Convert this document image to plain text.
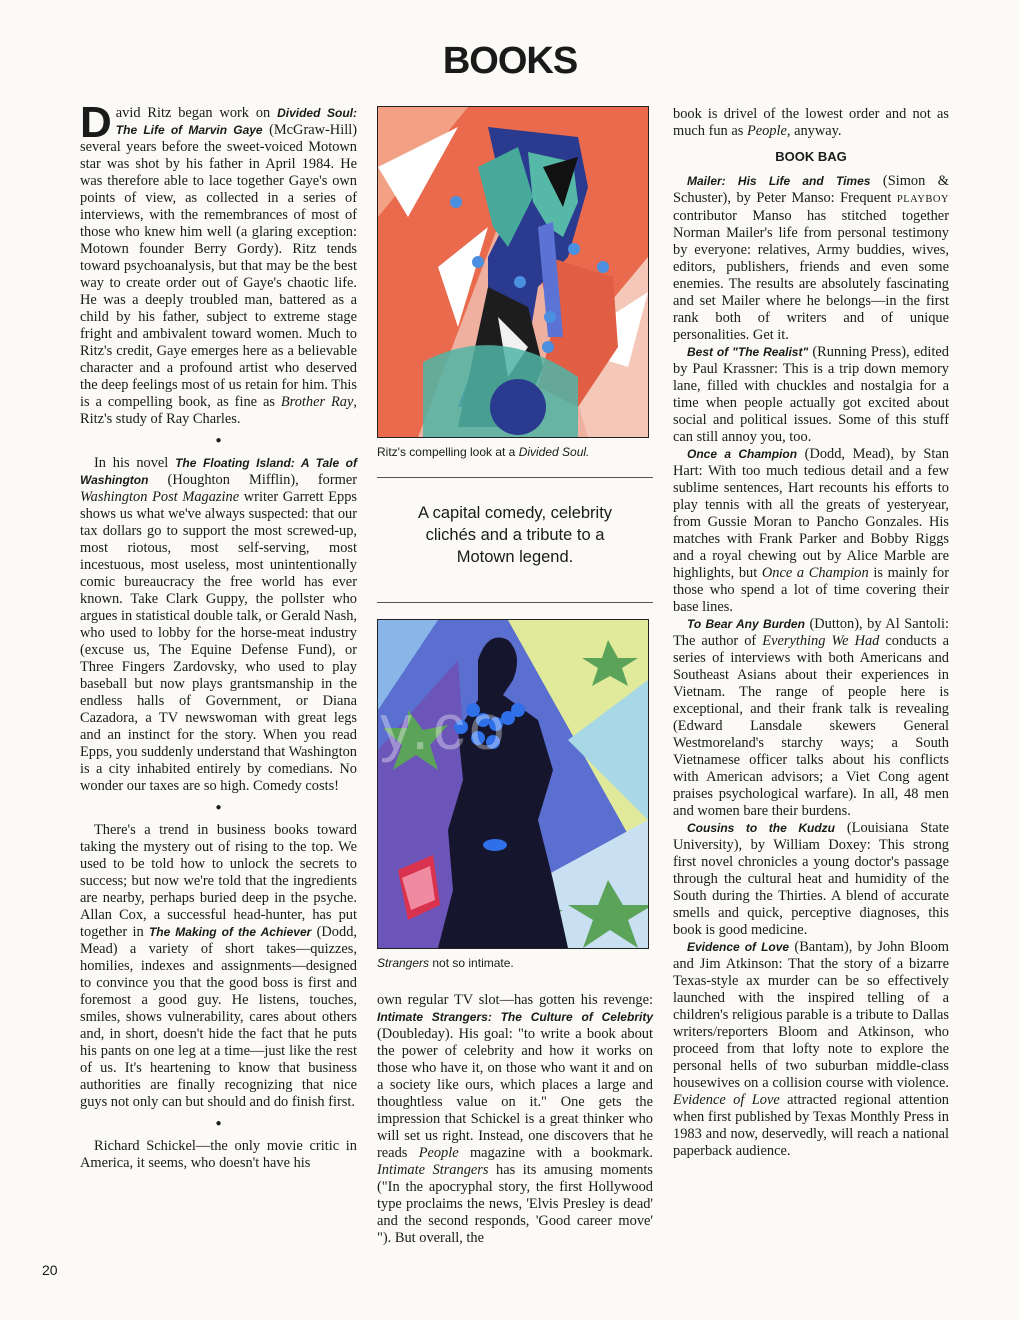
BOOKS

David Ritz began work on Divided Soul: The Life of Marvin Gaye (McGraw-Hill) several years before the sweet-voiced Motown star was shot by his father in April 1984. He was therefore able to lace together Gaye's own points of view, as collected in a series of interviews, with the remembrances of most of those who knew him well (a glaring exception: Motown founder Berry Gordy). Ritz tends toward psychoanalysis, but that may be the best way to create order out of Gaye's chaotic life. He was a deeply troubled man, battered as a child by his father, subject to extreme stage fright and ambivalent toward women. Much to Ritz's credit, Gaye emerges here as a believable character and a profound artist who deserved the deep feelings most of us retain for him. This is a compelling book, as fine as Brother Ray, Ritz's study of Ray Charles.

●

In his novel The Floating Island: A Tale of Washington (Houghton Mifflin), former Washington Post Magazine writer Garrett Epps shows us what we've always suspected: that our tax dollars go to support the most screwed-up, most riotous, most self-serving, most incestuous, most useless, most unintentionally comic bureaucracy the free world has ever known. Take Clark Guppy, the pollster who argues in statistical double talk, or Gerald Nash, who used to lobby for the horse-meat industry (excuse us, The Equine Defense Fund), or Three Fingers Zardovsky, who used to play baseball but now plays grantsmanship in the endless halls of Government, or Diana Cazadora, a TV newswoman with great legs and an instinct for the story. When you read Epps, you suddenly understand that Washington is a city inhabited entirely by comedians. No wonder our taxes are so high. Comedy costs!

●

There's a trend in business books toward taking the mystery out of rising to the top. We used to be told how to unlock the secrets to success; but now we're told that the ingredients are nearby, perhaps buried deep in the psyche. Allan Cox, a successful head-hunter, has put together in The Making of the Achiever (Dodd, Mead) a variety of short takes—quizzes, homilies, indexes and assignments—designed to convince you that the good boss is first and foremost a good guy. He listens, touches, smiles, shows vulnerability, cares about others and, in short, doesn't hide the fact that he puts his pants on one leg at a time—just like the rest of us. It's heartening to know that business authorities are finally recognizing that nice guys not only can but should and do finish first.

●

Richard Schickel—the only movie critic in America, it seems, who doesn't have his

Ritz's compelling look at a Divided Soul.

A capital comedy, celebrity clichés and a tribute to a Motown legend.

Strangers not so intimate.

own regular TV slot—has gotten his revenge: Intimate Strangers: The Culture of Celebrity (Doubleday). His goal: "to write a book about the power of celebrity and how it works on those who have it, on those who want it and on a society like ours, which places a large and thoughtless value on it." One gets the impression that Schickel is a great thinker who will set us right. Instead, one discovers that he reads People magazine with a bookmark. Intimate Strangers has its amusing moments ("In the apocryphal story, the first Hollywood type proclaims the news, 'Elvis Presley is dead' and the second responds, 'Good career move' "). But overall, the

y.co

book is drivel of the lowest order and not as much fun as People, anyway.

BOOK BAG

Mailer: His Life and Times (Simon & Schuster), by Peter Manso: Frequent PLAYBOY contributor Manso has stitched together Norman Mailer's life from personal testimony by everyone: relatives, Army buddies, wives, editors, publishers, friends and even some enemies. The results are absolutely fascinating and set Mailer where he belongs—in the first rank both of writers and of unique personalities. Get it.

Best of "The Realist" (Running Press), edited by Paul Krassner: This is a trip down memory lane, filled with chuckles and nostalgia for a time when people actually got excited about social and political issues. Some of this stuff can still annoy you, too.

Once a Champion (Dodd, Mead), by Stan Hart: With too much tedious detail and a few sublime sentences, Hart recounts his efforts to play tennis with all the greats of yesteryear, from Gussie Moran to Pancho Gonzales. His matches with Frank Parker and Bobby Riggs and a royal chewing out by Alice Marble are highlights, but Once a Champion is mainly for those who spend a lot of time covering their base lines.

To Bear Any Burden (Dutton), by Al Santoli: The author of Everything We Had conducts a series of interviews with both Americans and Southeast Asians about their experiences in Vietnam. The range of people here is exceptional, and their frank talk is revealing (Edward Lansdale skewers General Westmoreland's starchy ways; a South Vietnamese officer talks about his conflicts with American advisors; a Viet Cong agent praises psychological warfare). In all, 48 men and women bare their burdens.

Cousins to the Kudzu (Louisiana State University), by William Doxey: This strong first novel chronicles a young doctor's passage through the cultural heat and humidity of the South during the Thirties. A blend of accurate smells and quick, perceptive diagnoses, this book is good medicine.

Evidence of Love (Bantam), by John Bloom and Jim Atkinson: That the story of a bizarre Texas-style ax murder can be so effectively launched with the inspired telling of a children's religious parable is a tribute to Dallas writers/reporters Bloom and Atkinson, who proceed from that lofty note to explore the personal hells of two suburban middle-class housewives on a collision course with violence. Evidence of Love attracted regional attention when first published by Texas Monthly Press in 1983 and now, deservedly, will reach a national paperback audience.

20
